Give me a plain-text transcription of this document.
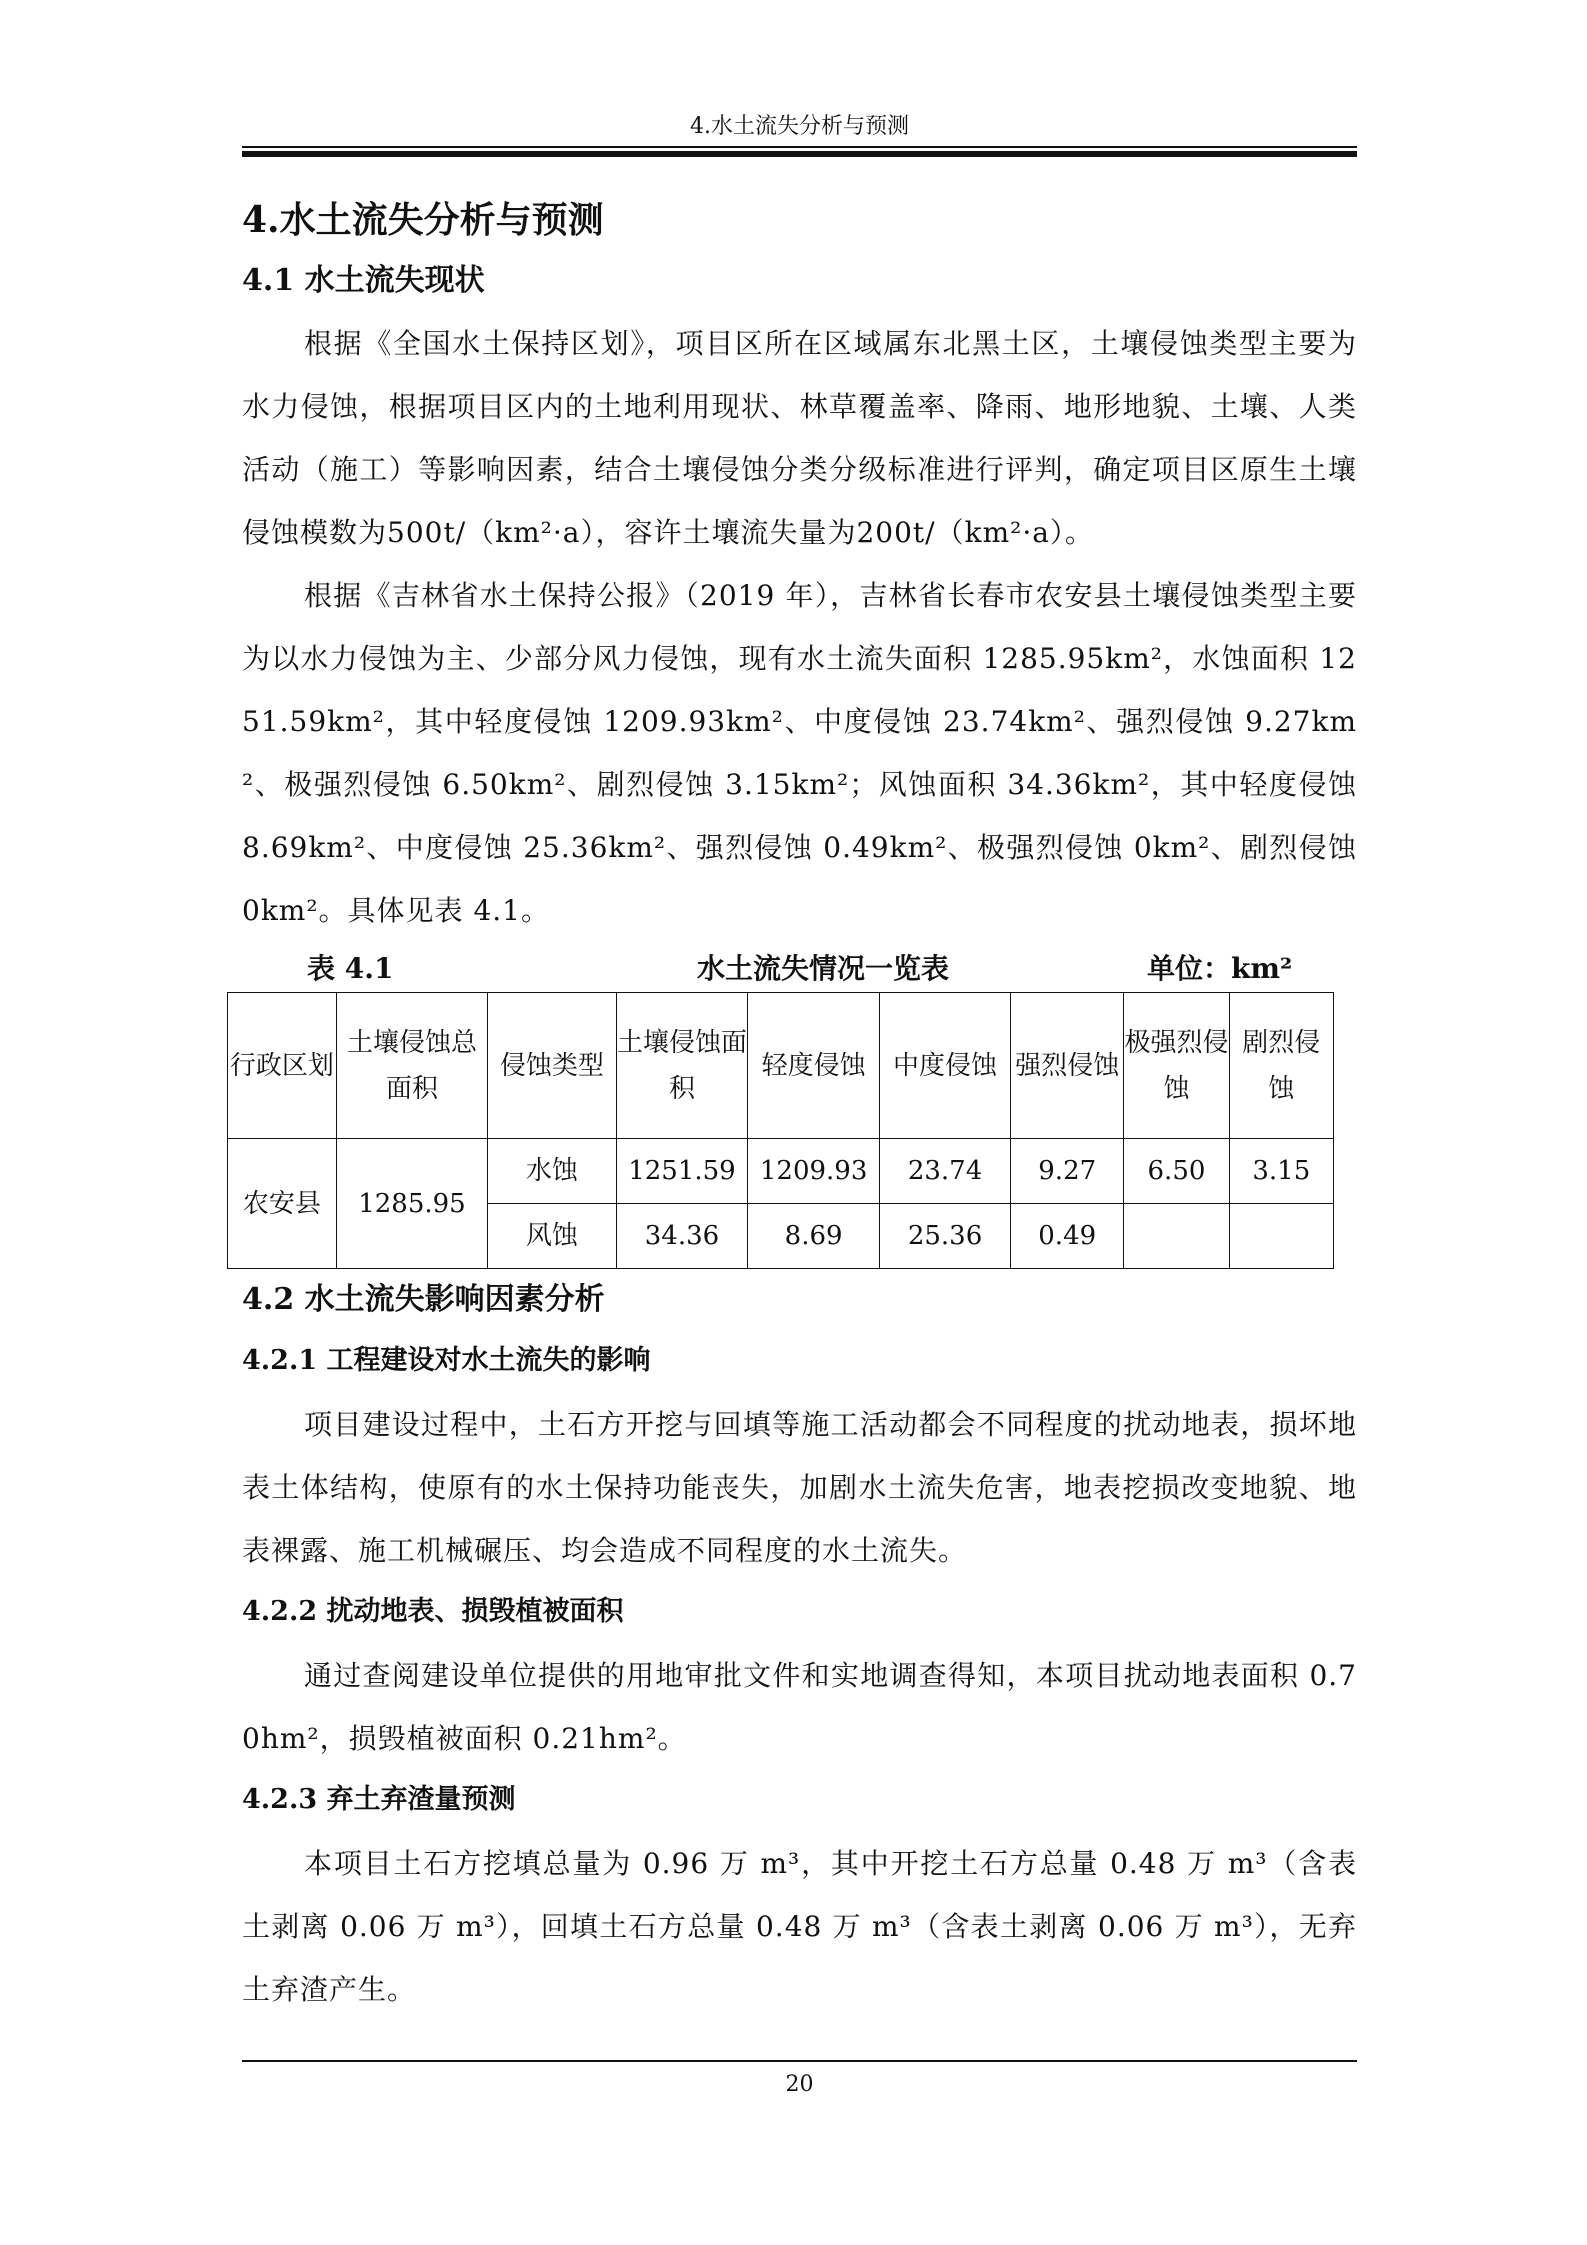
4.水土流失分析与预测
4.水土流失分析与预测
4.1 水土流失现状

根据《全国水土保持区划》，项目区所在区域属东北黑土区，土壤侵蚀类型主要为水力侵蚀，根据项目区内的土地利用现状、林草覆盖率、降雨、地形地貌、土壤、人类活动（施工）等影响因素，结合土壤侵蚀分类分级标准进行评判，确定项目区原生土壤侵蚀模数为500t/（km²·a），容许土壤流失量为200t/（km²·a）。

根据《吉林省水土保持公报》（2019 年），吉林省长春市农安县土壤侵蚀类型主要为以水力侵蚀为主、少部分风力侵蚀，现有水土流失面积 1285.95km²，水蚀面积 1251.59km²，其中轻度侵蚀 1209.93km²、中度侵蚀 23.74km²、强烈侵蚀 9.27km²、极强烈侵蚀 6.50km²、剧烈侵蚀 3.15km²；风蚀面积 34.36km²，其中轻度侵蚀 8.69km²、中度侵蚀 25.36km²、强烈侵蚀 0.49km²、极强烈侵蚀 0km²、剧烈侵蚀 0km²。具体见表 4.1。

表 4.1	水土流失情况一览表	单位：km²
行政区划	土壤侵蚀总面积	侵蚀类型	土壤侵蚀面积	轻度侵蚀	中度侵蚀	强烈侵蚀	极强烈侵蚀	剧烈侵蚀
农安县	1285.95	水蚀	1251.59	1209.93	23.74	9.27	6.50	3.15
		风蚀	34.36	8.69	25.36	0.49		
4.2 水土流失影响因素分析
4.2.1 工程建设对水土流失的影响

项目建设过程中，土石方开挖与回填等施工活动都会不同程度的扰动地表，损坏地表土体结构，使原有的水土保持功能丧失，加剧水土流失危害，地表挖损改变地貌、地表裸露、施工机械碾压、均会造成不同程度的水土流失。

4.2.2 扰动地表、损毁植被面积

通过查阅建设单位提供的用地审批文件和实地调查得知，本项目扰动地表面积 0.70hm²，损毁植被面积 0.21hm²。

4.2.3 弃土弃渣量预测

本项目土石方挖填总量为 0.96 万 m³，其中开挖土石方总量 0.48 万 m³（含表土剥离 0.06 万 m³），回填土石方总量 0.48 万 m³（含表土剥离 0.06 万 m³），无弃土弃渣产生。

20
